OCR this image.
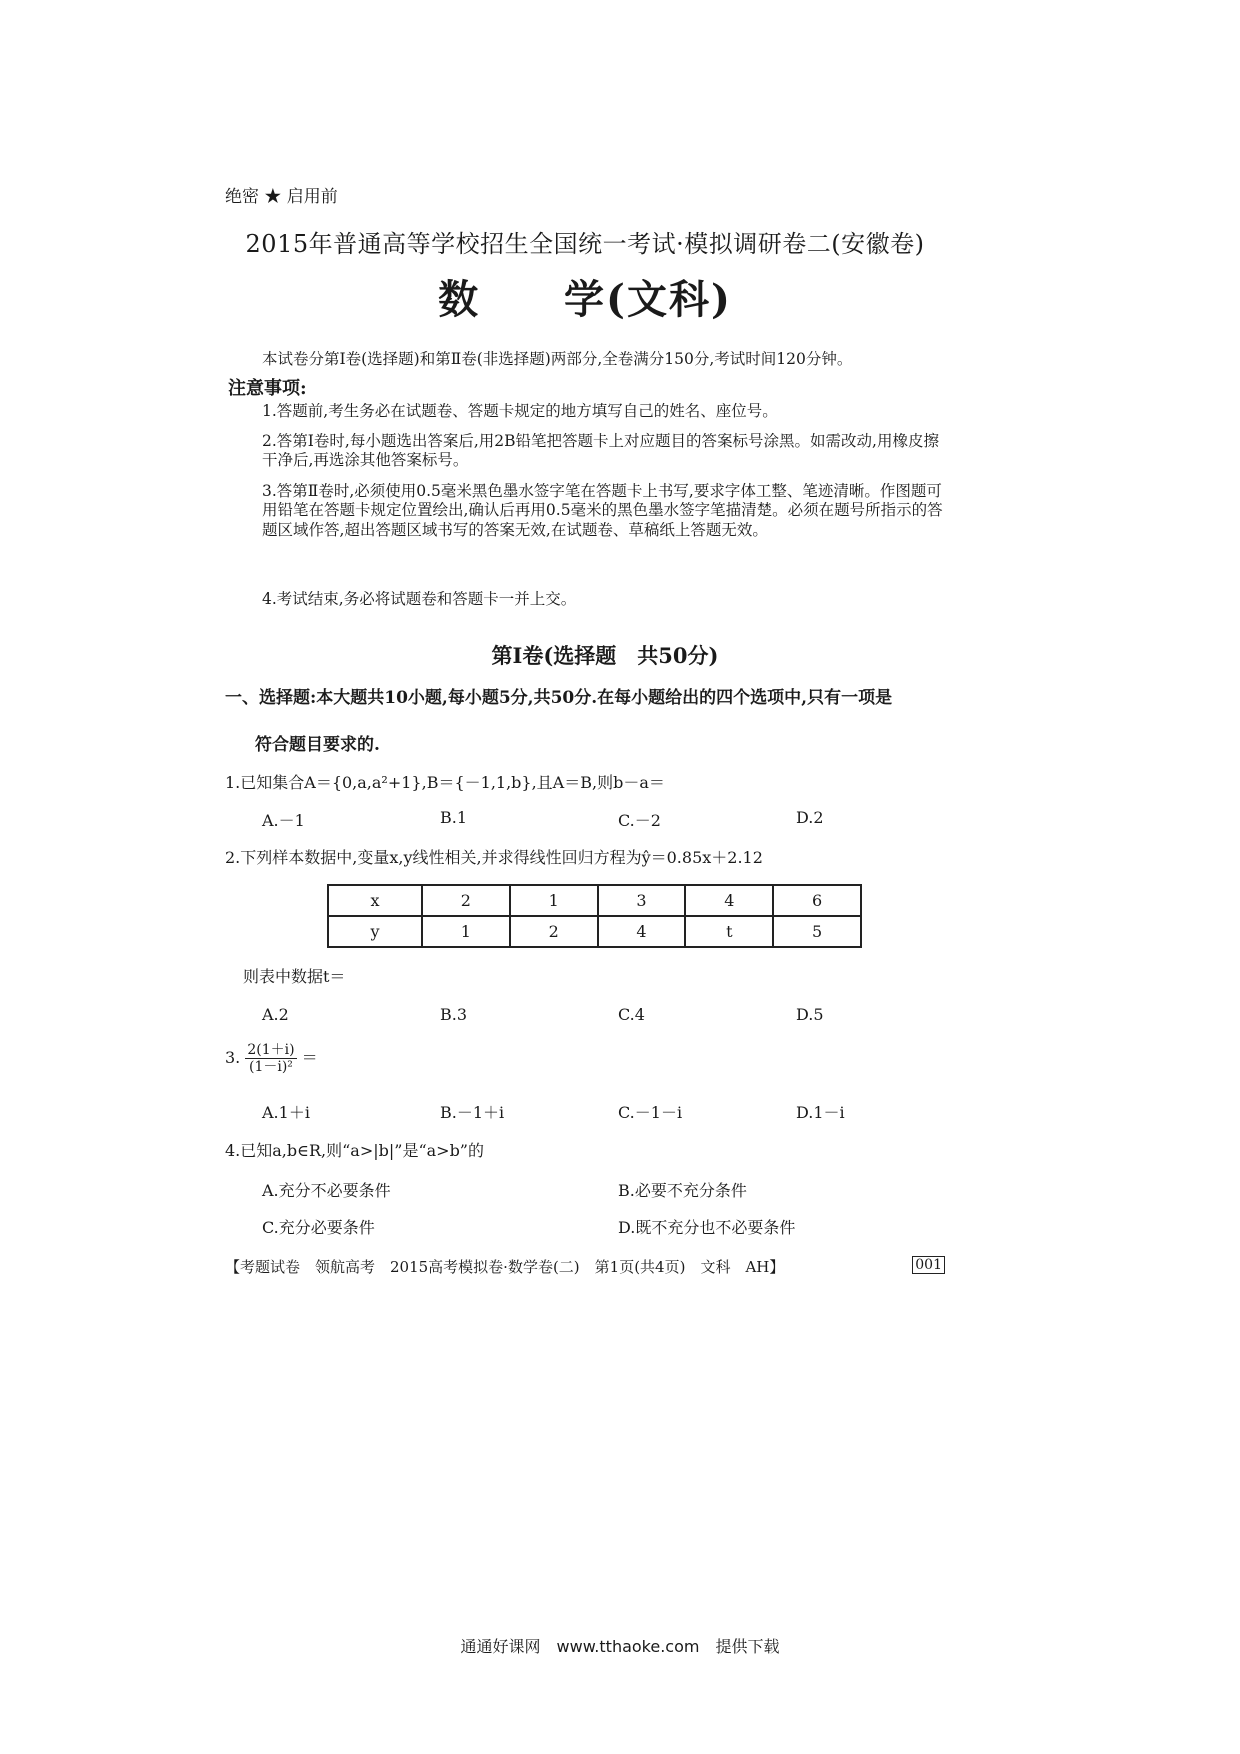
绝密 ★ 启用前
2015年普通高等学校招生全国统一考试·模拟调研卷二(安徽卷)
数　　学(文科)
本试卷分第Ⅰ卷(选择题)和第Ⅱ卷(非选择题)两部分,全卷满分150分,考试时间120分钟。
注意事项:
1.答题前,考生务必在试题卷、答题卡规定的地方填写自己的姓名、座位号。
2.答第Ⅰ卷时,每小题选出答案后,用2B铅笔把答题卡上对应题目的答案标号涂黑。如需改动,用橡皮擦干净后,再选涂其他答案标号。
3.答第Ⅱ卷时,必须使用0.5毫米黑色墨水签字笔在答题卡上书写,要求字体工整、笔迹清晰。作图题可用铅笔在答题卡规定位置绘出,确认后再用0.5毫米的黑色墨水签字笔描清楚。必须在题号所指示的答题区域作答,超出答题区域书写的答案无效,在试题卷、草稿纸上答题无效。
4.考试结束,务必将试题卷和答题卡一并上交。
第Ⅰ卷(选择题　共50分)
一、选择题:本大题共10小题,每小题5分,共50分.在每小题给出的四个选项中,只有一项是
符合题目要求的.
1.已知集合A＝{0,a,a²+1},B＝{－1,1,b},且A＝B,则b－a＝
A.－1	B.1	C.－2	D.2
2.下列样本数据中,变量x,y线性相关,并求得线性回归方程为ŷ＝0.85x＋2.12
x	2	1	3	4	6
y	1	2	4	t	5
则表中数据t＝
A.2	B.3	C.4	D.5
3. $\frac{2(1+i)}{\text{(1－i)²}}$ ＝
A.1＋i	B.－1＋i	C.－1－i	D.1－i
4.已知a,b∈R,则“a>|b|”是“a>b”的
A.充分不必要条件	B.必要不充分条件
C.充分必要条件	D.既不充分也不必要条件
【考题试卷　领航高考　2015高考模拟卷·数学卷(二)　第1页(共4页)　文科　AH】	001
通通好课网　www.tthaoke.com　提供下载
